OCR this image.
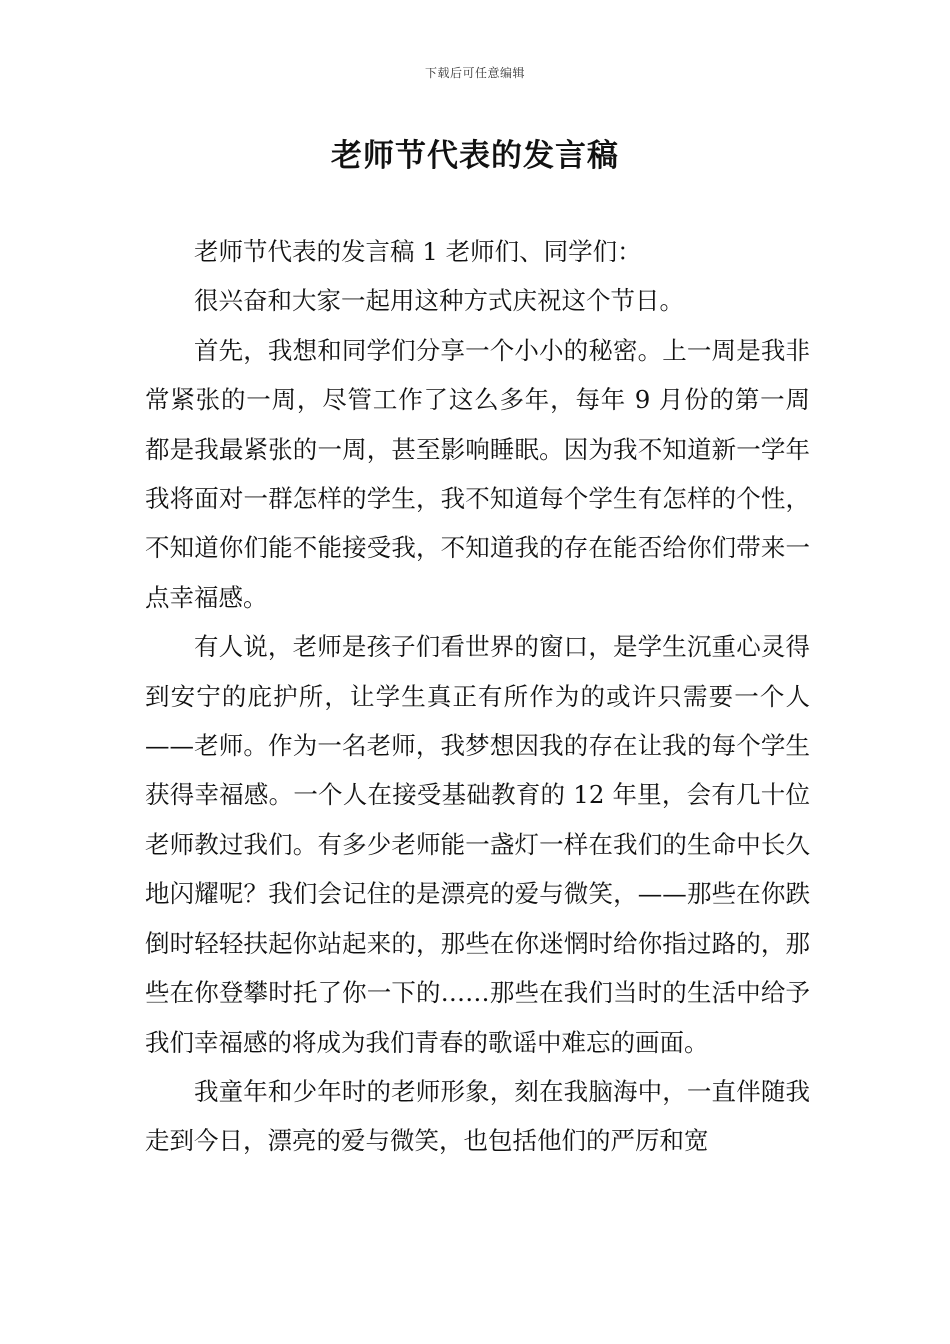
下载后可任意编辑
老师节代表的发言稿

老师节代表的发言稿 1 老师们、同学们：

很兴奋和大家一起用这种方式庆祝这个节日。

首先，我想和同学们分享一个小小的秘密。上一周是我非常紧张的一周，尽管工作了这么多年，每年 9 月份的第一周都是我最紧张的一周，甚至影响睡眠。因为我不知道新一学年我将面对一群怎样的学生，我不知道每个学生有怎样的个性，不知道你们能不能接受我，不知道我的存在能否给你们带来一点幸福感。

有人说，老师是孩子们看世界的窗口，是学生沉重心灵得到安宁的庇护所，让学生真正有所作为的或许只需要一个人——老师。作为一名老师，我梦想因我的存在让我的每个学生获得幸福感。一个人在接受基础教育的 12 年里，会有几十位老师教过我们。有多少老师能一盏灯一样在我们的生命中长久地闪耀呢？我们会记住的是漂亮的爱与微笑，——那些在你跌倒时轻轻扶起你站起来的，那些在你迷惘时给你指过路的，那些在你登攀时托了你一下的……那些在我们当时的生活中给予我们幸福感的将成为我们青春的歌谣中难忘的画面。

我童年和少年时的老师形象，刻在我脑海中，一直伴随我走到今日，漂亮的爱与微笑，也包括他们的严厉和宽
